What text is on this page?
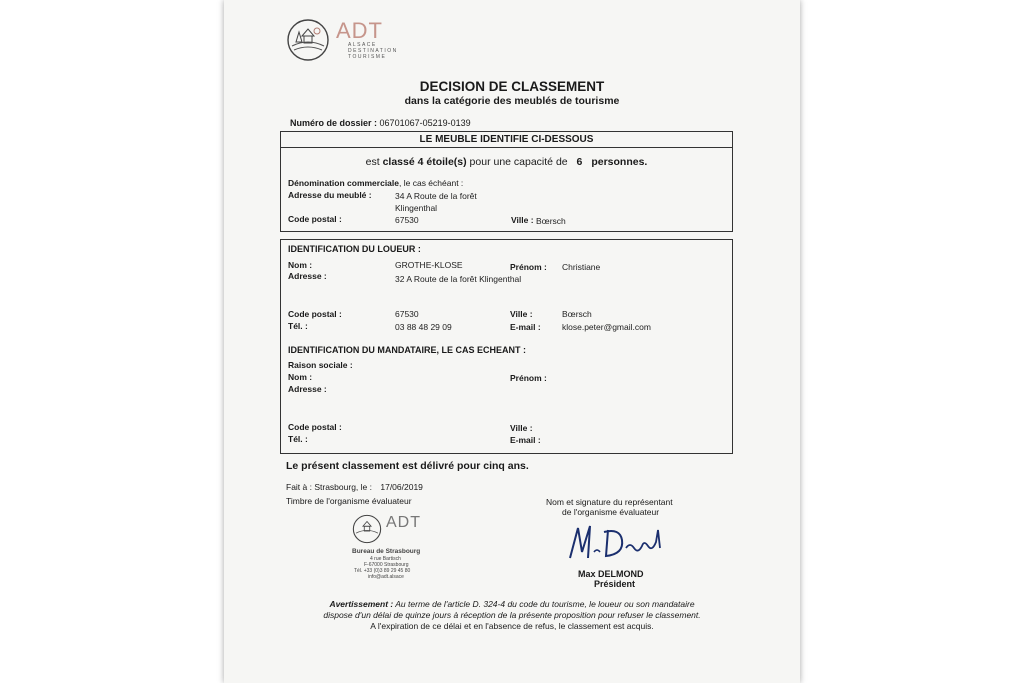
ADT
ALSACE
DESTINATION
TOURISME
DECISION DE CLASSEMENT
dans la catégorie des meublés de tourisme
Numéro de dossier : 06701067-05219-0139
LE MEUBLE IDENTIFIE CI-DESSOUS
est classé 4 étoile(s) pour une capacité de 6 personnes.
Dénomination commerciale, le cas échéant :
Adresse du meublé :	34 A Route de la forêt
Klingenthal
Code postal :	67530	Ville : Bœrsch
IDENTIFICATION DU LOUEUR :
Nom :	GROTHE-KLOSE	Prénom : Christiane
Adresse :	32 A Route de la forêt Klingenthal
Code postal :	67530	Ville :	Bœrsch
Tél. :	03 88 48 29 09	E-mail :	klose.peter@gmail.com
IDENTIFICATION DU MANDATAIRE, LE CAS ECHEANT :
Raison sociale :
Nom :	Prénom :
Adresse :
Code postal :	Ville :
Tél. :	E-mail :
Le présent classement est délivré pour cinq ans.
Fait à : Strasbourg, le : 17/06/2019
Timbre de l'organisme évaluateur
ADT
Bureau de Strasbourg
4 rue Bartisch
F-67000 Strasbourg
Tél. +33 (0)3 89 29 45 80
info@adt.alsace
Nom et signature du représentant
de l'organisme évaluateur
Max DELMOND
Président
Avertissement : Au terme de l'article D. 324-4 du code du tourisme, le loueur ou son mandataire
dispose d'un délai de quinze jours à réception de la présente proposition pour refuser le classement.
A l'expiration de ce délai et en l'absence de refus, le classement est acquis.
